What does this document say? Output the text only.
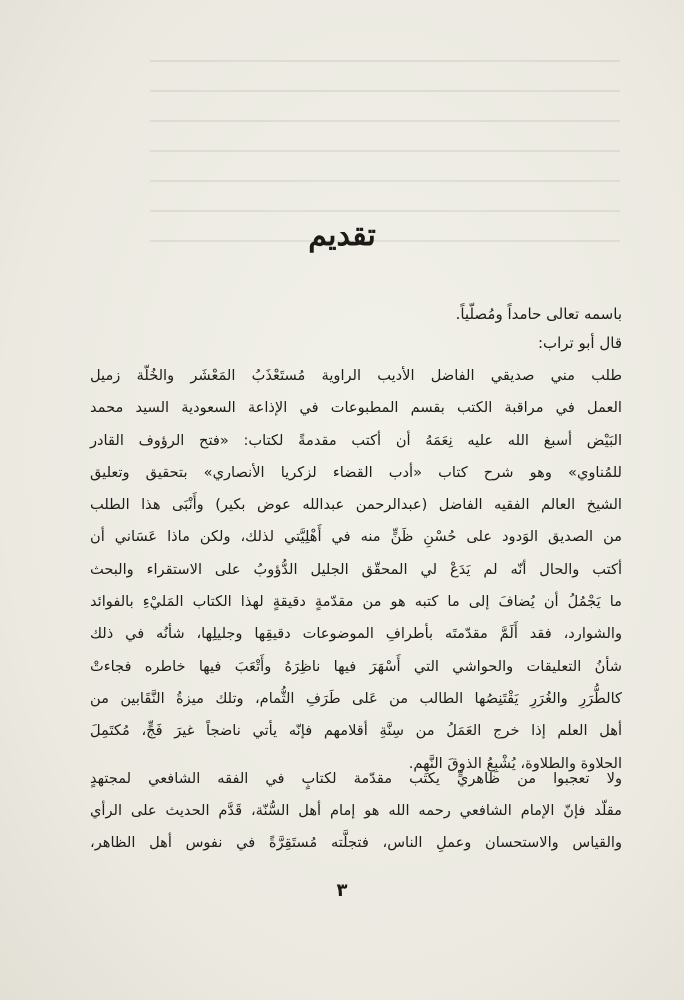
تقديم
باسمه تعالى حامداً ومُصلّياً.
قال أبو تراب:
طلب مني صديقي الفاضل الأديب الراوية مُستَعْذَبُ المَعْشَر والخُلّة زميل
العمل في مراقبة الكتب بقسم المطبوعات في الإذاعة السعودية السيد محمد
البَيْض أسبغ الله عليه نِعَمَهُ أن أكتب مقدمةً لكتاب: «فتح الرؤوف القادر
للمُناوي» وهو شرح كتاب «أدب القضاء لزكريا الأنصاري» بتحقيق وتعليق
الشيخ العالم الفقيه الفاضل (عبدالرحمن عبدالله عوض بكير) وأَنْبَى هذا الطلب
من الصديق الوَدود على حُسْنِ ظَنٍّ منه في أَهْلِيَّتي لذلك، ولكن ماذا عَسَاني أن
أكتب والحال أنّه لم يَدَعْ لي المحقّق الجليل الدُّؤوبُ على الاستقراء والبحث
ما يَجْمُلُ أن يُضافَ إلى ما كتبه هو من مقدّمةٍ دقيقةٍ لهذا الكتاب المَليْءِ بالفوائد
والشوارد، فقد أَلَمَّ مقدّمتَه بأطرافِ الموضوعات دقيقِها وجليلِها، شأنُه في ذلك
شأنُ التعليقات والحواشي التي أَسْهَرَ فيها ناظِرَهُ وأَتْعَبَ فيها خاطره فجاءتْ
كالطُّرَرِ والغُرَرِ يَقْتَنِصُها الطالب من عَلى طَرَفِ الثُّمام، وتلك ميزةُ النَّقَابين من
أهل العلم إذا خرج العَمَلُ من سِنَّةِ أقلامهم فإنّه يأتي ناضجاً غيرَ فَجٍّ، مُكتَمِلَ
الحلاوة والطلاوة، يُشْبِعُ الذوقَ النَّهِم.
ولا تعجبوا من ظاهريٍّ يكتب مقدّمة لكتابٍ في الفقه الشافعي لمجتهدٍ
مقلّد فإنّ الإمام الشافعي رحمه الله هو إمام أهل السُّنّة، قَدَّم الحديث على الرأي
والقياس والاستحسان وعملِ الناس، فتجلَّته مُستَقِرَّةً في نفوس أهل الظاهر،
٣
